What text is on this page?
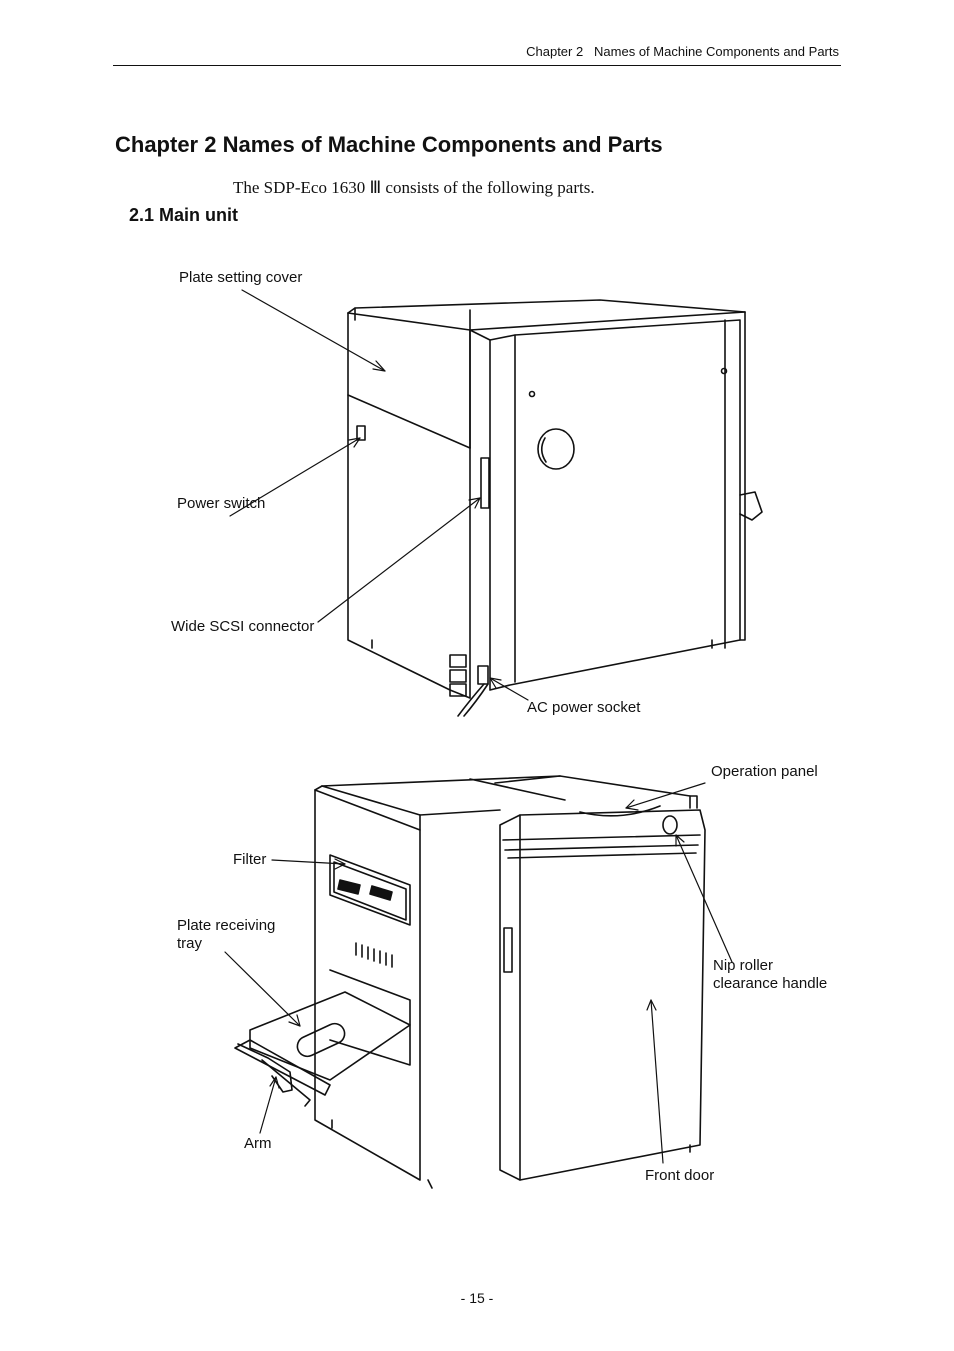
Chapter 2   Names of Machine Components and Parts
Chapter 2 Names of Machine Components and Parts

The SDP-Eco 1630 Ⅲ consists of the following parts.

2.1 Main unit
Plate setting cover
Power switch
Wide SCSI connector
AC power socket
Operation panel
Filter
Plate receiving
tray
Nip roller
clearance handle
Arm
Front door
- 15 -
